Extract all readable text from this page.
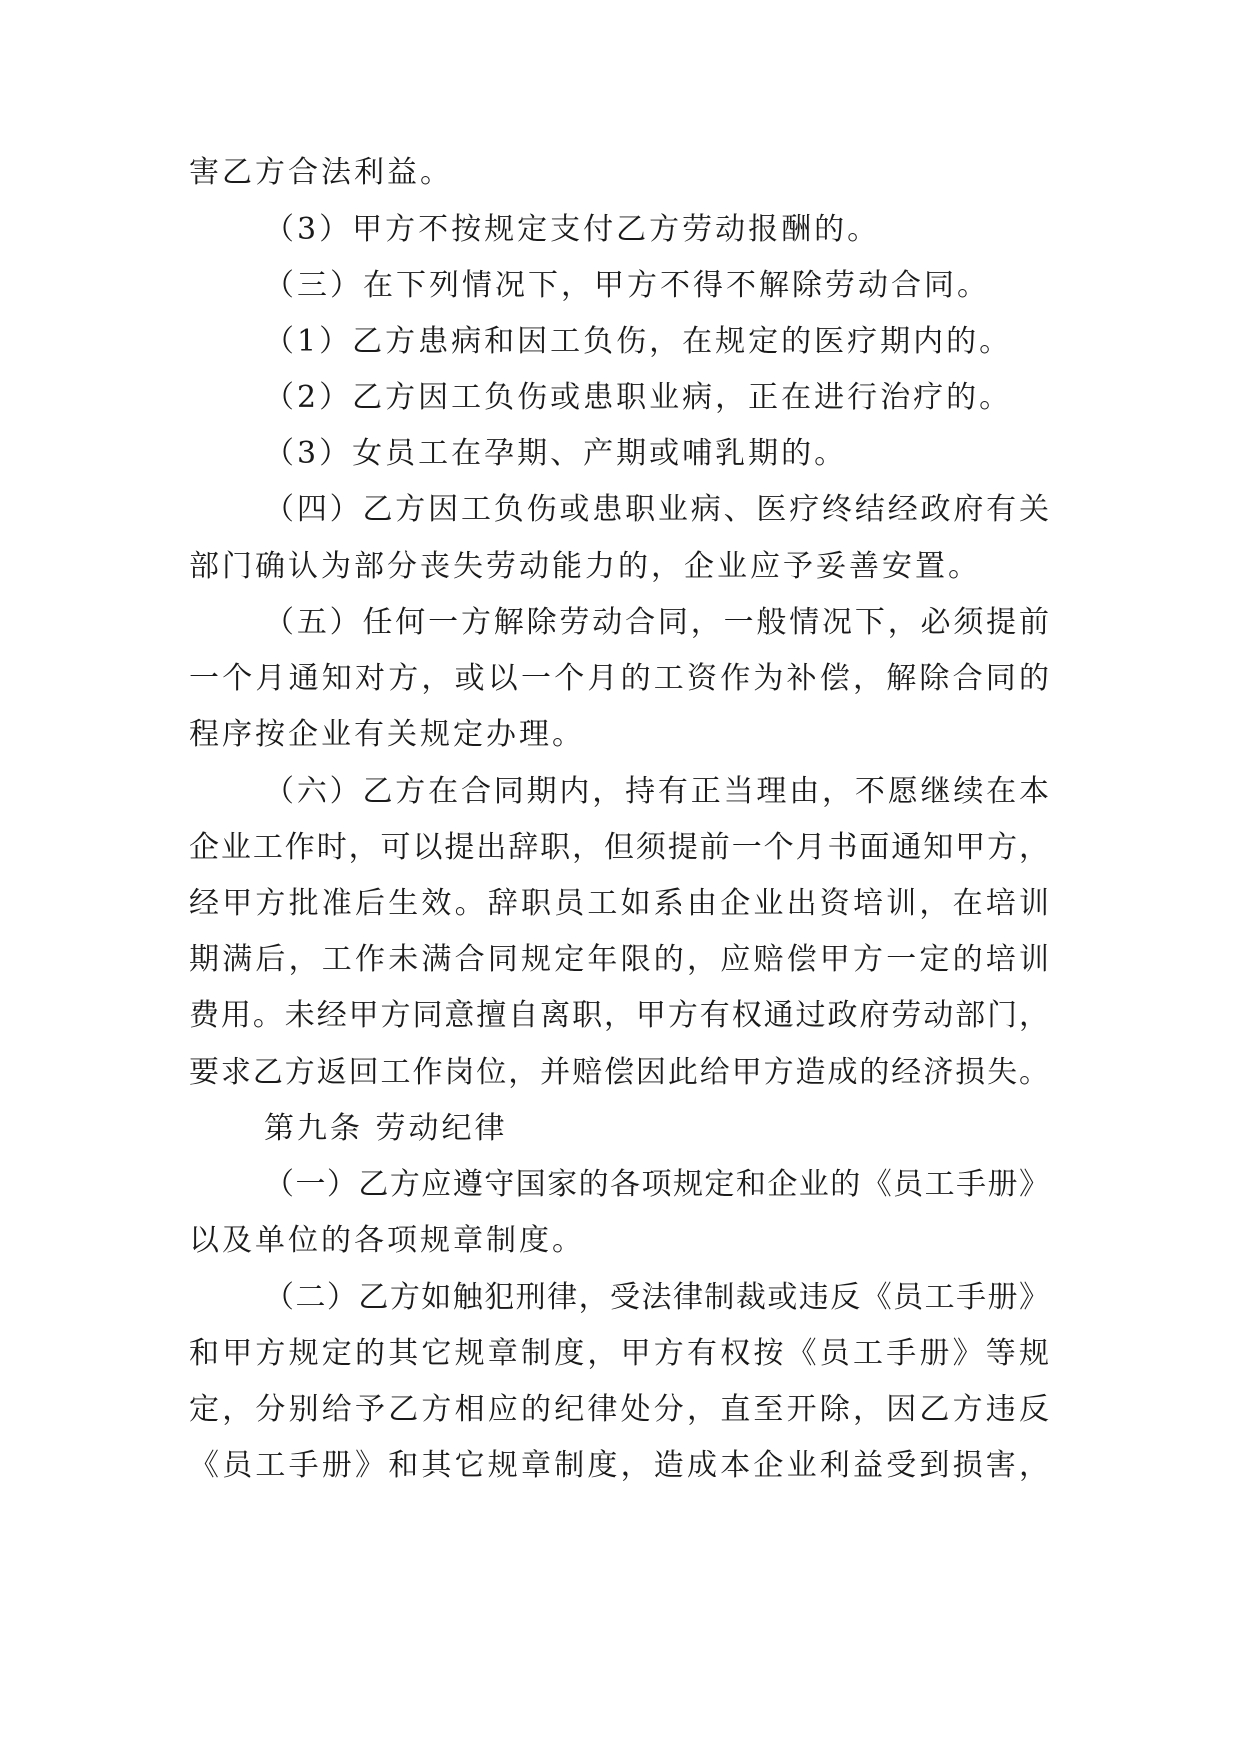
害乙方合法利益。
（3）甲方不按规定支付乙方劳动报酬的。
（三）在下列情况下，甲方不得不解除劳动合同。
（1）乙方患病和因工负伤，在规定的医疗期内的。
（2）乙方因工负伤或患职业病，正在进行治疗的。
（3）女员工在孕期、产期或哺乳期的。
（四）乙方因工负伤或患职业病、医疗终结经政府有关
部门确认为部分丧失劳动能力的，企业应予妥善安置。
（五）任何一方解除劳动合同，一般情况下，必须提前
一个月通知对方，或以一个月的工资作为补偿，解除合同的
程序按企业有关规定办理。
（六）乙方在合同期内，持有正当理由，不愿继续在本
企业工作时，可以提出辞职，但须提前一个月书面通知甲方，
经甲方批准后生效。辞职员工如系由企业出资培训，在培训
期满后，工作未满合同规定年限的，应赔偿甲方一定的培训
费用。未经甲方同意擅自离职，甲方有权通过政府劳动部门，
要求乙方返回工作岗位，并赔偿因此给甲方造成的经济损失。
第九条 劳动纪律
（一）乙方应遵守国家的各项规定和企业的《员工手册》
以及单位的各项规章制度。
（二）乙方如触犯刑律，受法律制裁或违反《员工手册》
和甲方规定的其它规章制度，甲方有权按《员工手册》等规
定，分别给予乙方相应的纪律处分，直至开除，因乙方违反
《员工手册》和其它规章制度，造成本企业利益受到损害，
